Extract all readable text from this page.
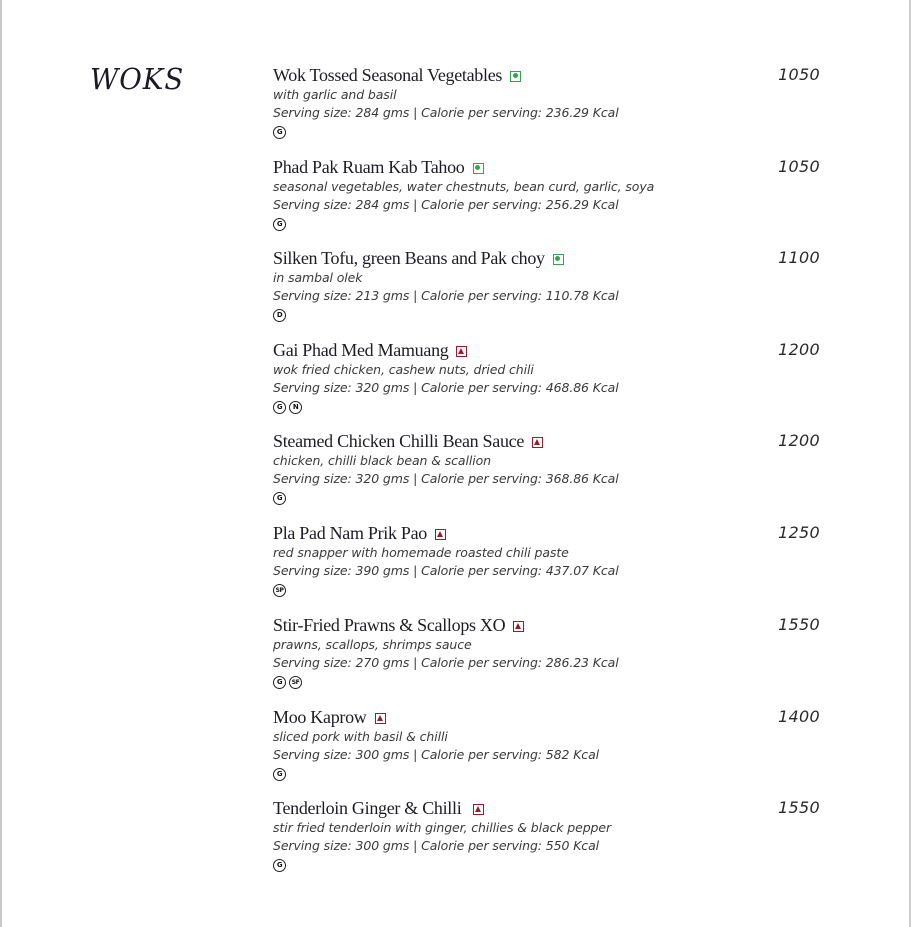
WOKS	Wok Tossed Seasonal Vegetables
with garlic and basil
Serving size: 284 gms | Calorie per serving: 236.29 Kcal
G
1050
Phad Pak Ruam Kab Tahoo
seasonal vegetables, water chestnuts, bean curd, garlic, soya
Serving size: 284 gms | Calorie per serving: 256.29 Kcal
G
1050
Silken Tofu, green Beans and Pak choy
in sambal olek
Serving size: 213 gms | Calorie per serving: 110.78 Kcal
D
1100
Gai Phad Med Mamuang
wok fried chicken, cashew nuts, dried chili
Serving size: 320 gms | Calorie per serving: 468.86 Kcal
G	N
1200
Steamed Chicken Chilli Bean Sauce
chicken, chilli black bean & scallion
Serving size: 320 gms | Calorie per serving: 368.86 Kcal
G
1200
Pla Pad Nam Prik Pao
red snapper with homemade roasted chili paste
Serving size: 390 gms | Calorie per serving: 437.07 Kcal
SP
1250
Stir-Fried Prawns & Scallops XO
prawns, scallops, shrimps sauce
Serving size: 270 gms | Calorie per serving: 286.23 Kcal
G	SF
1550
Moo Kaprow
sliced pork with basil & chilli
Serving size: 300 gms | Calorie per serving: 582 Kcal
G
1400
Tenderloin Ginger & Chilli
stir fried tenderloin with ginger, chillies & black pepper
Serving size: 300 gms | Calorie per serving: 550 Kcal
G
1550
